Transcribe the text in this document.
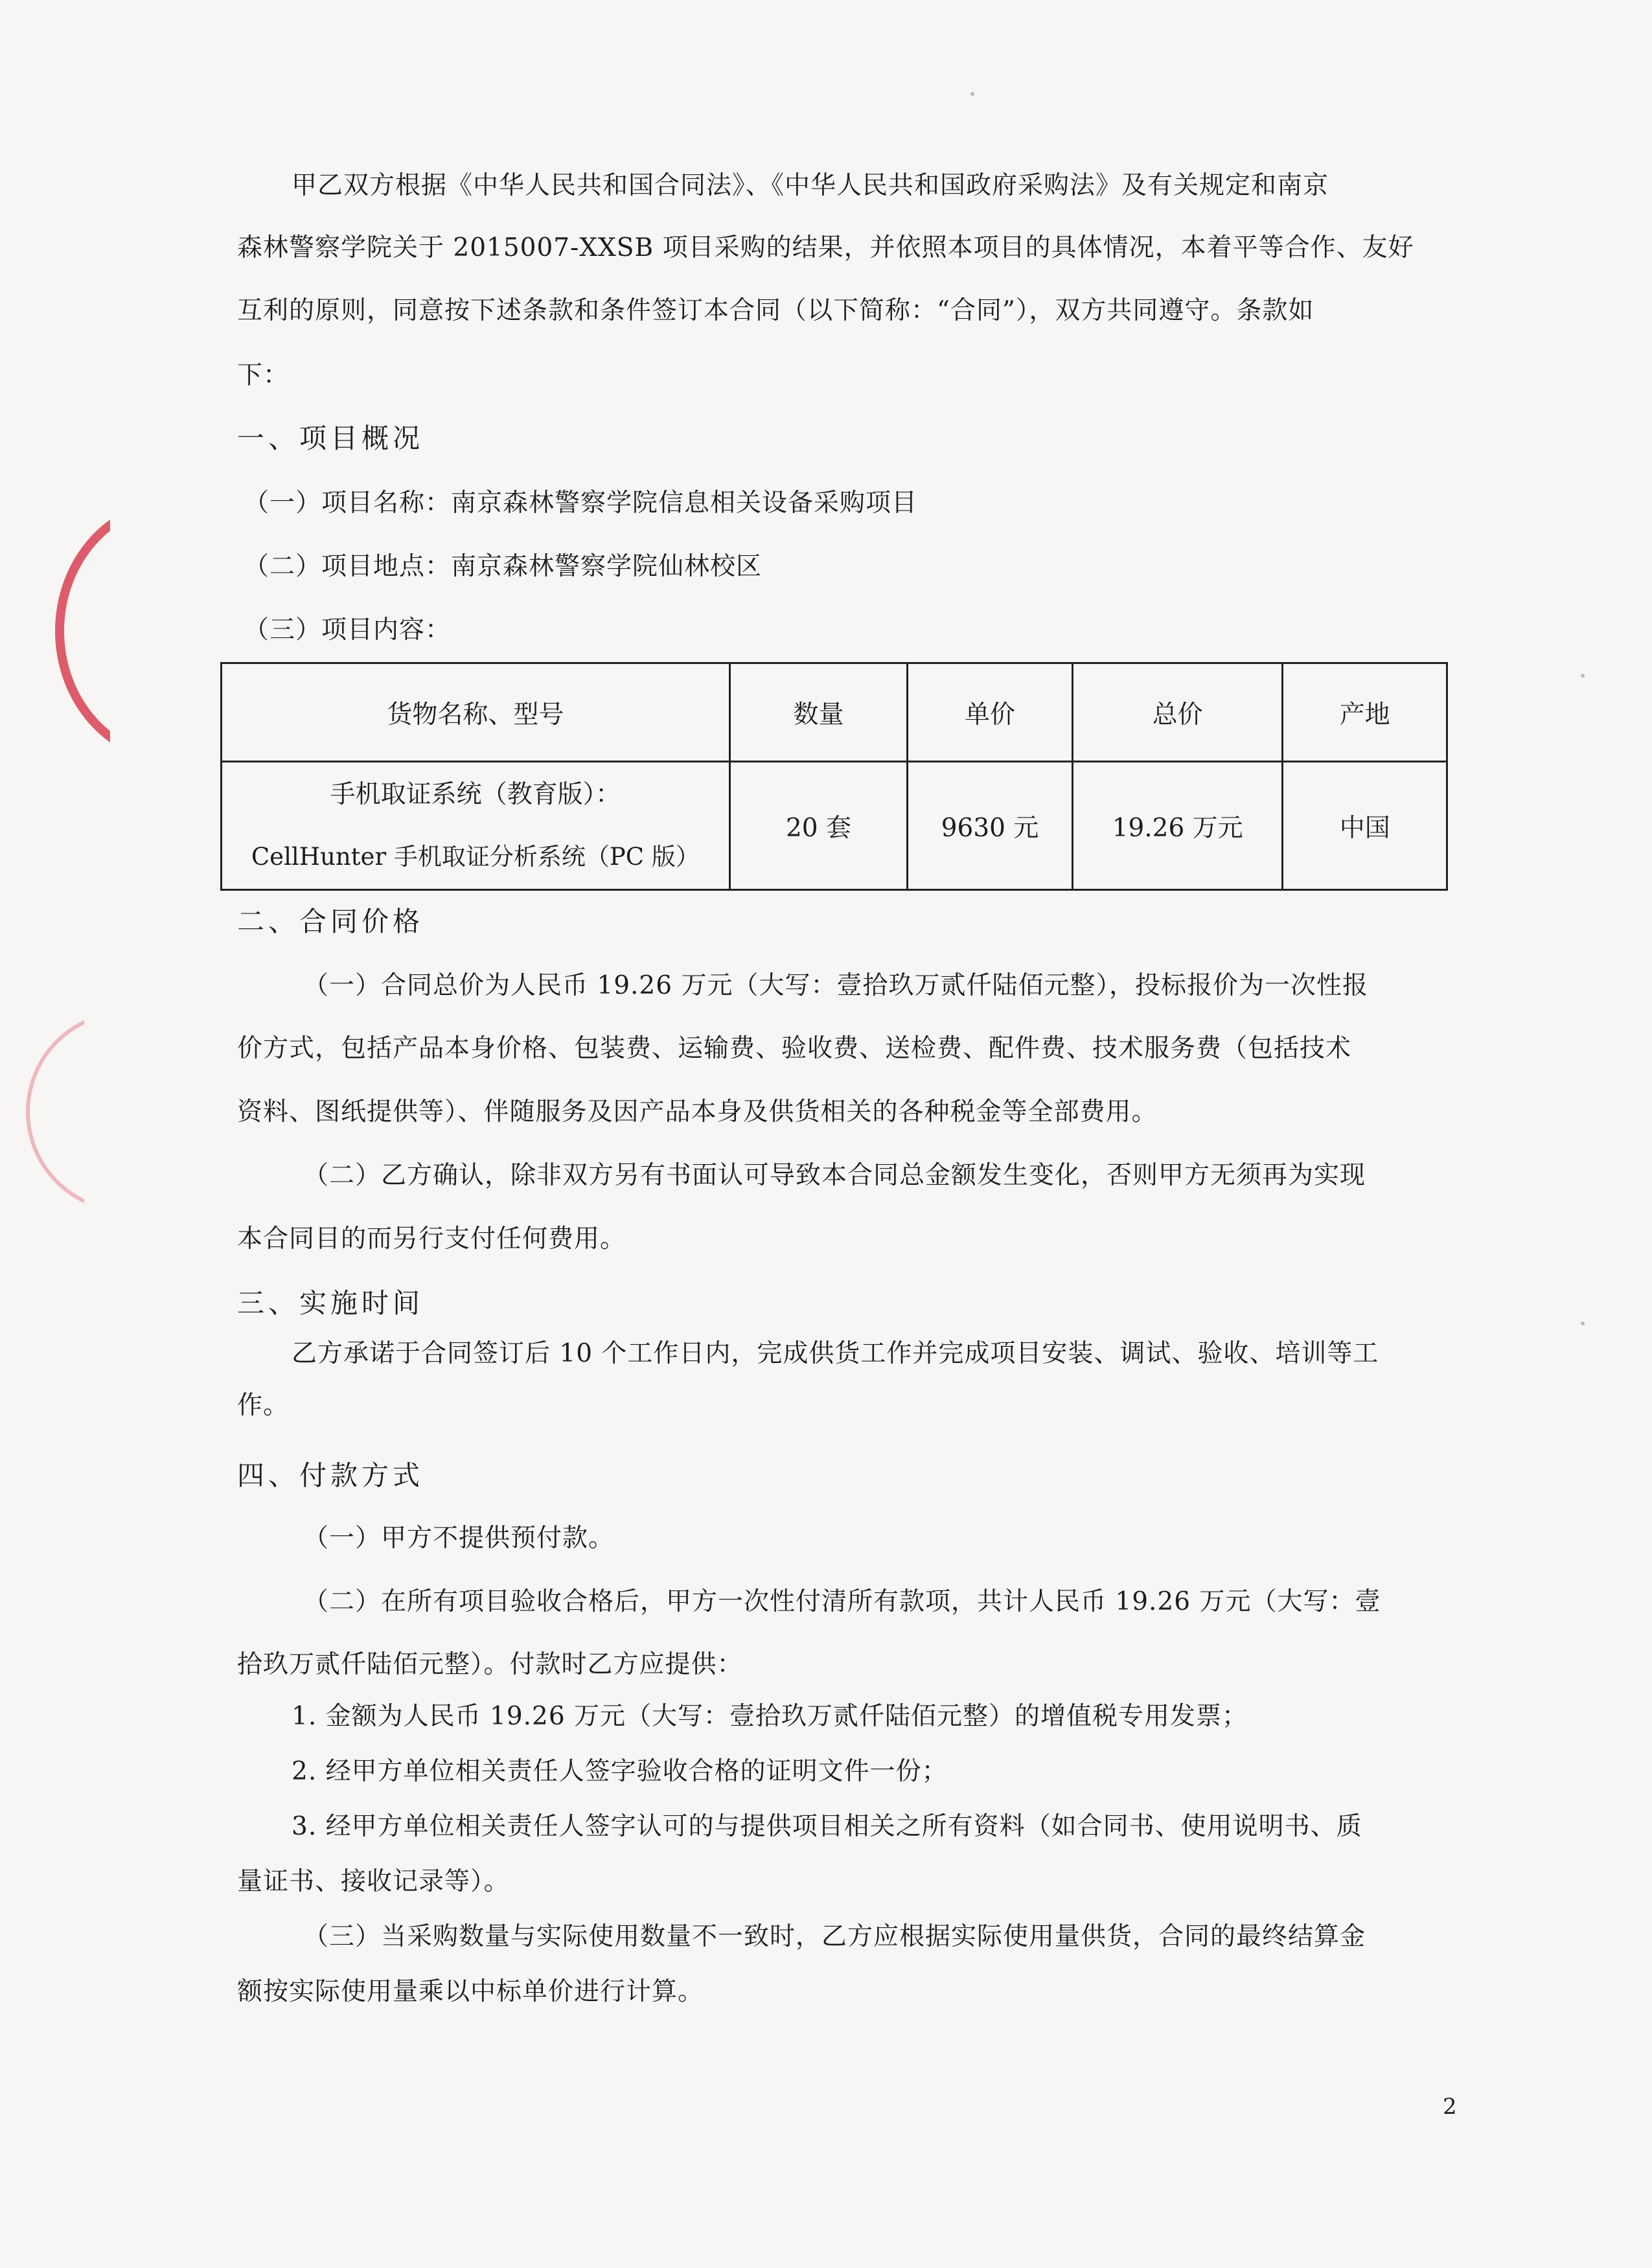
甲乙双方根据《中华人民共和国合同法》、《中华人民共和国政府采购法》及有关规定和南京
森林警察学院关于 2015007-XXSB 项目采购的结果，并依照本项目的具体情况，本着平等合作、友好
互利的原则，同意按下述条款和条件签订本合同（以下简称：“合同”），双方共同遵守。条款如
下：
一、项目概况
（一）项目名称：南京森林警察学院信息相关设备采购项目
（二）项目地点：南京森林警察学院仙林校区
（三）项目内容：
货物名称、型号	数量	单价	总价	产地

手机取证系统（教育版）：
CellHunter 手机取证分析系统（PC 版）	20 套	9630 元	19.26 万元	中国
二、合同价格
（一）合同总价为人民币 19.26 万元（大写：壹拾玖万贰仟陆佰元整），投标报价为一次性报
价方式，包括产品本身价格、包装费、运输费、验收费、送检费、配件费、技术服务费（包括技术
资料、图纸提供等）、伴随服务及因产品本身及供货相关的各种税金等全部费用。
（二）乙方确认，除非双方另有书面认可导致本合同总金额发生变化，否则甲方无须再为实现
本合同目的而另行支付任何费用。
三、实施时间
乙方承诺于合同签订后 10 个工作日内，完成供货工作并完成项目安装、调试、验收、培训等工
作。
四、付款方式
（一）甲方不提供预付款。
（二）在所有项目验收合格后，甲方一次性付清所有款项，共计人民币 19.26 万元（大写：壹
拾玖万贰仟陆佰元整）。付款时乙方应提供：
1. 金额为人民币 19.26 万元（大写：壹拾玖万贰仟陆佰元整）的增值税专用发票；
2. 经甲方单位相关责任人签字验收合格的证明文件一份；
3. 经甲方单位相关责任人签字认可的与提供项目相关之所有资料（如合同书、使用说明书、质
量证书、接收记录等）。
（三）当采购数量与实际使用数量不一致时，乙方应根据实际使用量供货，合同的最终结算金
额按实际使用量乘以中标单价进行计算。
2
